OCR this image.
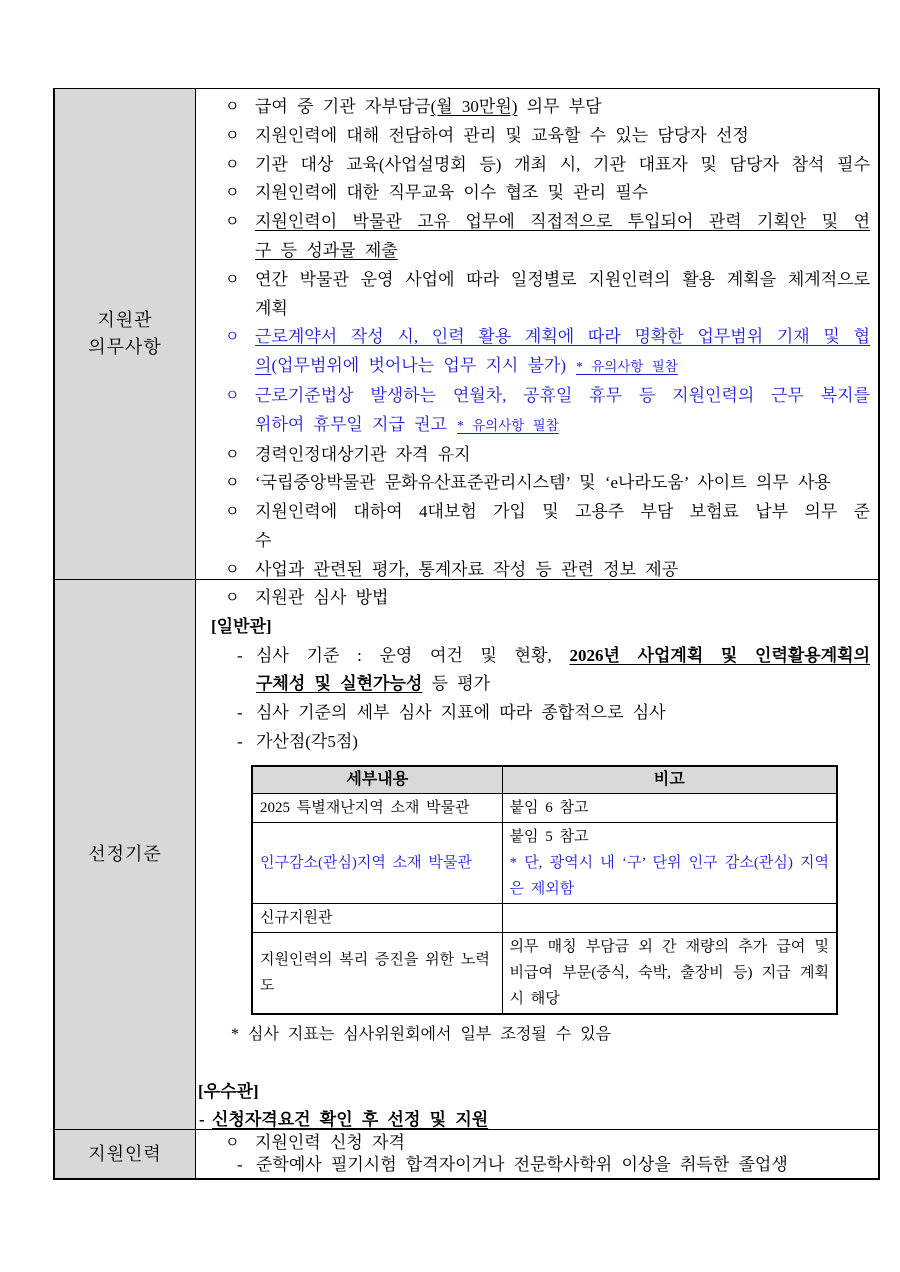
지원관
의무사항
ㅇ 급여 중 기관 자부담금(월 30만원) 의무 부담
ㅇ 지원인력에 대해 전담하여 관리 및 교육할 수 있는 담당자 선정
ㅇ 기관 대상 교육(사업설명회 등) 개최 시, 기관 대표자 및 담당자 참석 필수
ㅇ 지원인력에 대한 직무교육 이수 협조 및 관리 필수
ㅇ 지원인력이 박물관 고유 업무에 직접적으로 투입되어 관력 기획안 및 연
구 등 성과물 제출
ㅇ 연간 박물관 운영 사업에 따라 일정별로 지원인력의 활용 계획을 체계적으로 계획
ㅇ 근로계약서 작성 시, 인력 활용 계획에 따라 명확한 업무범위 기재 및 협
의(업무범위에 벗어나는 업무 지시 불가) * 유의사항 필참
ㅇ 근로기준법상 발생하는 연월차, 공휴일 휴무 등 지원인력의 근무 복지를
위하여 휴무일 지급 권고 * 유의사항 필참
ㅇ 경력인정대상기관 자격 유지
ㅇ ‘국립중앙박물관 문화유산표준관리시스템’ 및 ‘e나라도움’ 사이트 의무 사용
ㅇ 지원인력에 대하여 4대보험 가입 및 고용주 부담 보험료 납부 의무 준
수
ㅇ 사업과 관련된 평가, 통계자료 작성 등 관련 정보 제공
선정기준
ㅇ 지원관 심사 방법
[일반관]
- 심사 기준 : 운영 여건 및 현황, 2026년 사업계획 및 인력활용계획의
구체성 및 실현가능성 등 평가
- 심사 기준의 세부 심사 지표에 따라 종합적으로 심사
- 가산점(각5점)
세부내용	비고
2025 특별재난지역 소재 박물관	붙임 6 참고
인구감소(관심)지역 소재 박물관	붙임 5 참고
* 단, 광역시 내 ‘구’ 단위 인구 감소(관심) 지역은 제외함

신규지원관	
지원인력의 복리 증진을 위한 노력도	의무 매칭 부담금 외 간 재량의 추가 급여 및 비급여 부문(중식, 숙박, 출장비 등) 지급 계획 시 해당
* 심사 지표는 심사위원회에서 일부 조정될 수 있음
[우수관]
- 신청자격요건 확인 후 선정 및 지원
지원인력
ㅇ 지원인력 신청 자격
- 준학예사 필기시험 합격자이거나 전문학사학위 이상을 취득한 졸업생
